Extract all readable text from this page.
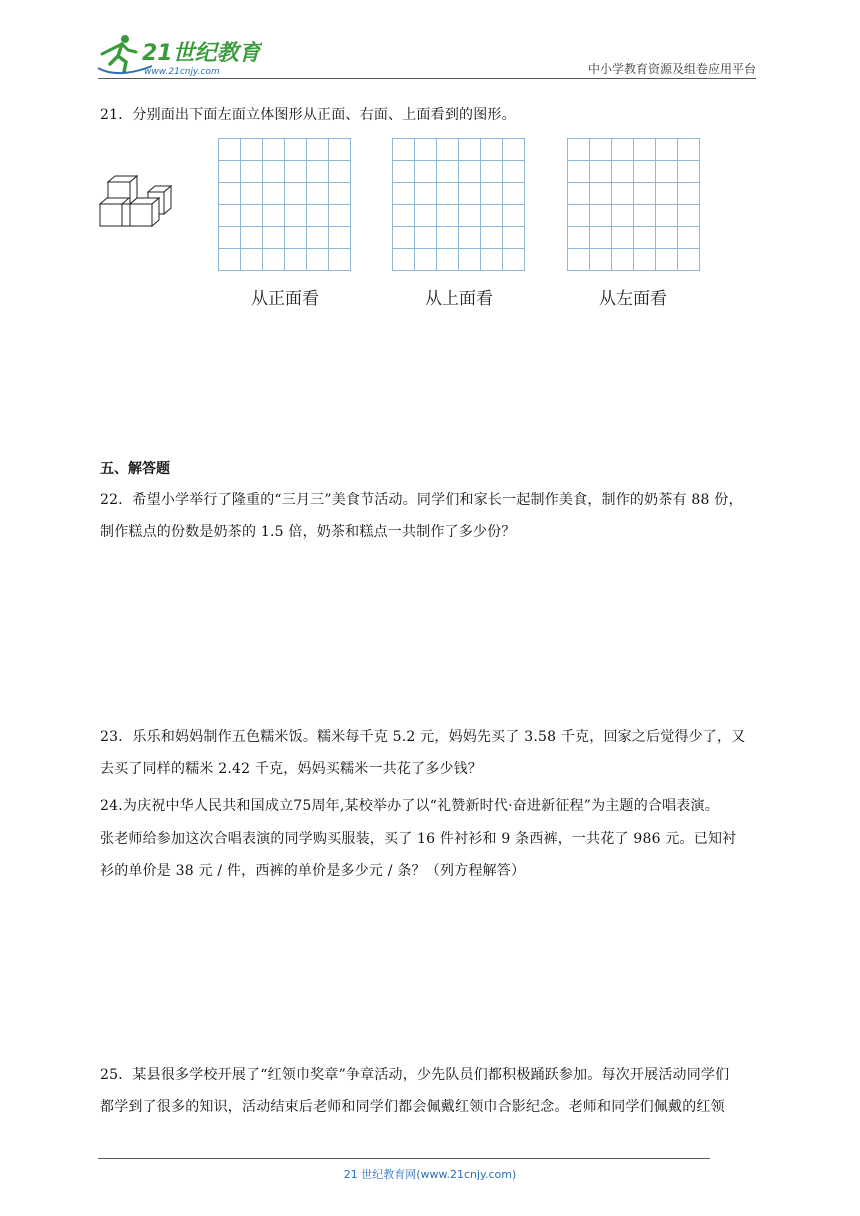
21世纪教育
www.21cnjy.com	中小学教育资源及组卷应用平台
21．分别面出下面左面立体图形从正面、右面、上面看到的图形。
从正面看	从上面看	从左面看
五、解答题
22．希望小学举行了隆重的“三月三”美食节活动。同学们和家长一起制作美食，制作的奶茶有 88 份，
制作糕点的份数是奶茶的 1.5 倍，奶茶和糕点一共制作了多少份？
23．乐乐和妈妈制作五色糯米饭。糯米每千克 5.2 元，妈妈先买了 3.58 千克，回家之后觉得少了，又
去买了同样的糯米 2.42 千克，妈妈买糯米一共花了多少钱？
24.为庆祝中华人民共和国成立75周年,某校举办了以“礼赞新时代·奋进新征程”为主题的合唱表演。
张老师给参加这次合唱表演的同学购买服装，买了 16 件衬衫和 9 条西裤，一共花了 986 元。已知衬
衫的单价是 38 元 / 件，西裤的单价是多少元 / 条？（列方程解答）
25．某县很多学校开展了“红领巾奖章”争章活动，少先队员们都积极踊跃参加。每次开展活动同学们
都学到了很多的知识，活动结束后老师和同学们都会佩戴红领巾合影纪念。老师和同学们佩戴的红领
21 世纪教育网(www.21cnjy.com)
